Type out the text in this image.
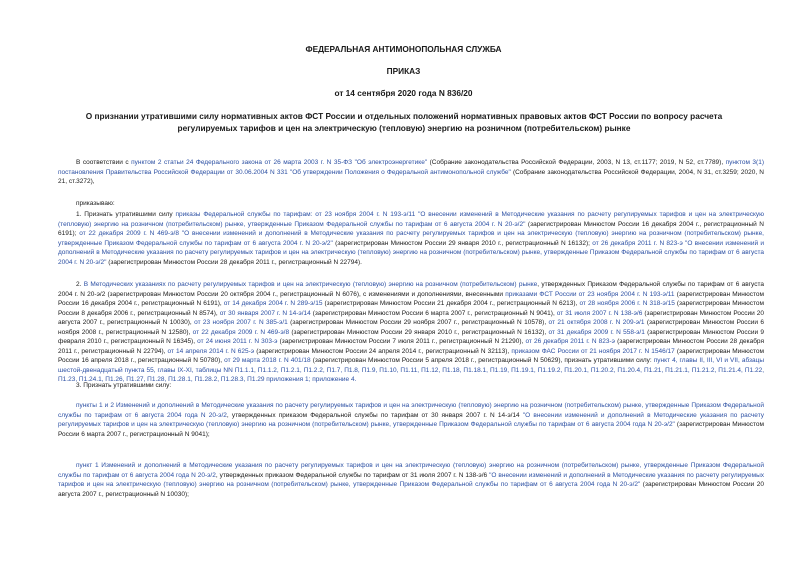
ФЕДЕРАЛЬНАЯ АНТИМОНОПОЛЬНАЯ СЛУЖБА
ПРИКАЗ
от 14 сентября 2020 года N 836/20
О признании утратившими силу нормативных актов ФСТ России и отдельных положений нормативных правовых актов ФСТ России по вопросу расчета регулируемых тарифов и цен на электрическую (тепловую) энергию на розничном (потребительском) рынке

В соответствии с пунктом 2 статьи 24 Федерального закона от 26 марта 2003 г. N 35-ФЗ "Об электроэнергетике" (Собрание законодательства Российской Федерации, 2003, N 13, ст.1177; 2019, N 52, ст.7789), пунктом 3(1) постановления Правительства Российской Федерации от 30.06.2004 N 331 "Об утверждении Положения о Федеральной антимонопольной службе" (Собрание законодательства Российской Федерации, 2004, N 31, ст.3259; 2020, N 21, ст.3272),

приказываю:

1. Признать утратившими силу приказы Федеральной службы по тарифам: от 23 ноября 2004 г. N 193-э/11 "О внесении изменений в Методические указания по расчету регулируемых тарифов и цен на электрическую (тепловую) энергию на розничном (потребительском) рынке, утвержденные Приказом Федеральной службы по тарифам от 6 августа 2004 г. N 20-э/2" (зарегистрирован Минюстом России 16 декабря 2004 г., регистрационный N 6191); от 22 декабря 2009 г. N 469-э/8 "О внесении изменений и дополнений в Методические указания по расчету регулируемых тарифов и цен на электрическую (тепловую) энергию на розничном (потребительском) рынке, утвержденные Приказом Федеральной службы по тарифам от 6 августа 2004 г. N 20-э/2" (зарегистрирован Минюстом России 29 января 2010 г., регистрационный N 16132); от 26 декабря 2011 г. N 823-э "О внесении изменений и дополнений в Методические указания по расчету регулируемых тарифов и цен на электрическую (тепловую) энергию на розничном (потребительском) рынке, утвержденные Приказом Федеральной службы по тарифам от 6 августа 2004 г. N 20-э/2" (зарегистрирован Минюстом России 28 декабря 2011 г., регистрационный N 22794).

2. В Методических указаниях по расчету регулируемых тарифов и цен на электрическую (тепловую) энергию на розничном (потребительском) рынке, утвержденных Приказом Федеральной службы по тарифам от 6 августа 2004 г. N 20-э/2 (зарегистрирован Минюстом России 20 октября 2004 г., регистрационный N 6076), с изменениями и дополнениями, внесенными приказами ФСТ России от 23 ноября 2004 г. N 193-э/11 (зарегистрирован Минюстом России 16 декабря 2004 г., регистрационный N 6191), от 14 декабря 2004 г. N 289-э/15 (зарегистрирован Минюстом России 21 декабря 2004 г., регистрационный N 6213), от 28 ноября 2006 г. N 318-э/15 (зарегистрирован Минюстом России 8 декабря 2006 г., регистрационный N 8574), от 30 января 2007 г. N 14-э/14 (зарегистрирован Минюстом России 6 марта 2007 г., регистрационный N 9041), от 31 июля 2007 г. N 138-э/6 (зарегистрирован Минюстом России 20 августа 2007 г., регистрационный N 10030), от 23 ноября 2007 г. N 385-э/1 (зарегистрирован Минюстом России 29 ноября 2007 г., регистрационный N 10578), от 21 октября 2008 г. N 209-э/1 (зарегистрирован Минюстом России 6 ноября 2008 г., регистрационный N 12580), от 22 декабря 2009 г. N 469-э/8 (зарегистрирован Минюстом России 29 января 2010 г., регистрационный N 16132), от 31 декабря 2009 г. N 558-э/1 (зарегистрирован Минюстом России 9 февраля 2010 г., регистрационный N 16345), от 24 июня 2011 г. N 303-э (зарегистрирован Минюстом России 7 июля 2011 г., регистрационный N 21290), от 26 декабря 2011 г. N 823-э (зарегистрирован Минюстом России 28 декабря 2011 г., регистрационный N 22794), от 14 апреля 2014 г. N 625-э (зарегистрирован Минюстом России 24 апреля 2014 г., регистрационный N 32113), приказом ФАС России от 21 ноября 2017 г. N 1546/17 (зарегистрирован Минюстом России 16 апреля 2018 г., регистрационный N 50780), от 29 марта 2018 г. N 401/18 (зарегистрирован Минюстом России 5 апреля 2018 г., регистрационный N 50629), признать утратившими силу: пункт 4, главы II, III, VI и VII, абзацы шестой-двенадцатый пункта 55, главы IX-XI, таблицы NN П1.1.1, П1.1.2, П1.2.1, П1.2.2, П1.7, П1.8, П1.9, П1.10, П1.11, П1.12, П1.18, П1.18.1, П1.19, П1.19.1, П1.19.2, П1.20.1, П1.20.2, П1.20.4, П1.21, П1.21.1, П1.21.2, П1.21.4, П1.22, П1.23, П1.24.1, П1.26, П1.27, П1.28, П1.28.1, П1.28.2, П1.28.3, П1.29 приложения 1; приложение 4.

3. Признать утратившими силу:

пункты 1 и 2 Изменений и дополнений в Методические указания по расчету регулируемых тарифов и цен на электрическую (тепловую) энергию на розничном (потребительском) рынке, утвержденные Приказом Федеральной службы по тарифам от 6 августа 2004 года N 20-э/2, утвержденных приказом Федеральной службы по тарифам от 30 января 2007 г. N 14-э/14 "О внесении изменений и дополнений в Методические указания по расчету регулируемых тарифов и цен на электрическую (тепловую) энергию на розничном (потребительском) рынке, утвержденные Приказом Федеральной службы по тарифам от 6 августа 2004 года N 20-э/2" (зарегистрирован Минюстом России 6 марта 2007 г., регистрационный N 9041);

пункт 1 Изменений и дополнений в Методические указания по расчету регулируемых тарифов и цен на электрическую (тепловую) энергию на розничном (потребительском) рынке, утвержденные Приказом Федеральной службы по тарифам от 6 августа 2004 года N 20-э/2, утвержденных приказом Федеральной службы по тарифам от 31 июля 2007 г. N 138-э/6 "О внесении изменений и дополнений в Методические указания по расчету регулируемых тарифов и цен на электрическую (тепловую) энергию на розничном (потребительском) рынке, утвержденные Приказом Федеральной службы по тарифам от 6 августа 2004 года N 20-э/2" (зарегистрирован Минюстом России 20 августа 2007 г., регистрационный N 10030);
